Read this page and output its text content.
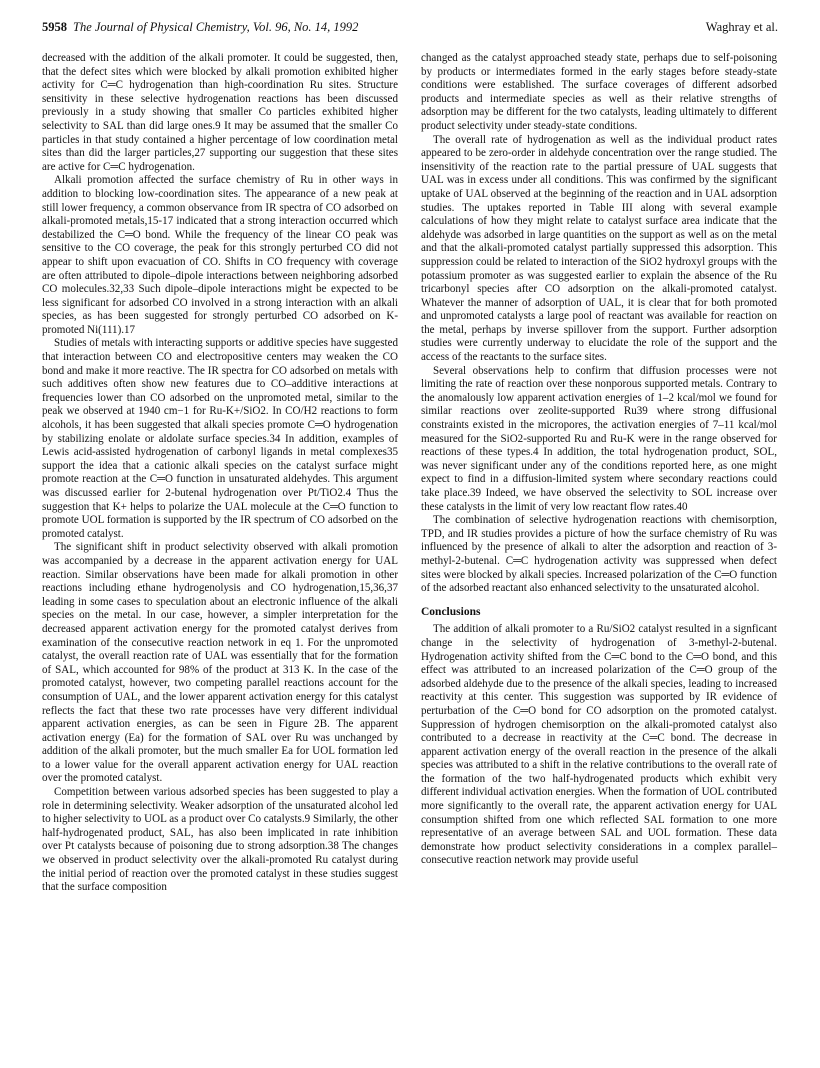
5958 The Journal of Physical Chemistry, Vol. 96, No. 14, 1992	Waghray et al.

decreased with the addition of the alkali promoter. It could be suggested, then, that the defect sites which were blocked by alkali promotion exhibited higher activity for C═C hydrogenation than high-coordination Ru sites. Structure sensitivity in these selective hydrogenation reactions has been discussed previously in a study showing that smaller Co particles exhibited higher selectivity to SAL than did large ones.9 It may be assumed that the smaller Co particles in that study contained a higher percentage of low coordination metal sites than did the larger particles,27 supporting our suggestion that these sites are active for C═C hydrogenation.

Alkali promotion affected the surface chemistry of Ru in other ways in addition to blocking low-coordination sites. The appearance of a new peak at still lower frequency, a common observance from IR spectra of CO adsorbed on alkali-promoted metals,15-17 indicated that a strong interaction occurred which destabilized the C═O bond. While the frequency of the linear CO peak was sensitive to the CO coverage, the peak for this strongly perturbed CO did not appear to shift upon evacuation of CO. Shifts in CO frequency with coverage are often attributed to dipole–dipole interactions between neighboring adsorbed CO molecules.32,33 Such dipole–dipole interactions might be expected to be less significant for adsorbed CO involved in a strong interaction with an alkali species, as has been suggested for strongly perturbed CO adsorbed on K-promoted Ni(111).17

Studies of metals with interacting supports or additive species have suggested that interaction between CO and electropositive centers may weaken the CO bond and make it more reactive. The IR spectra for CO adsorbed on metals with such additives often show new features due to CO–additive interactions at frequencies lower than CO adsorbed on the unpromoted metal, similar to the peak we observed at 1940 cm−1 for Ru-K+/SiO2. In CO/H2 reactions to form alcohols, it has been suggested that alkali species promote C═O hydrogenation by stabilizing enolate or aldolate surface species.34 In addition, examples of Lewis acid-assisted hydrogenation of carbonyl ligands in metal complexes35 support the idea that a cationic alkali species on the catalyst surface might promote reaction at the C═O function in unsaturated aldehydes. This argument was discussed earlier for 2-butenal hydrogenation over Pt/TiO2.4 Thus the suggestion that K+ helps to polarize the UAL molecule at the C═O function to promote UOL formation is supported by the IR spectrum of CO adsorbed on the promoted catalyst.

The significant shift in product selectivity observed with alkali promotion was accompanied by a decrease in the apparent activation energy for UAL reaction. Similar observations have been made for alkali promotion in other reactions including ethane hydrogenolysis and CO hydrogenation,15,36,37 leading in some cases to speculation about an electronic influence of the alkali species on the metal. In our case, however, a simpler interpretation for the decreased apparent activation energy for the promoted catalyst derives from examination of the consecutive reaction network in eq 1. For the unpromoted catalyst, the overall reaction rate of UAL was essentially that for the formation of SAL, which accounted for 98% of the product at 313 K. In the case of the promoted catalyst, however, two competing parallel reactions account for the consumption of UAL, and the lower apparent activation energy for this catalyst reflects the fact that these two rate processes have very different individual apparent activation energies, as can be seen in Figure 2B. The apparent activation energy (Ea) for the formation of SAL over Ru was unchanged by addition of the alkali promoter, but the much smaller Ea for UOL formation led to a lower value for the overall apparent activation energy for UAL reaction over the promoted catalyst.

Competition between various adsorbed species has been suggested to play a role in determining selectivity. Weaker adsorption of the unsaturated alcohol led to higher selectivity to UOL as a product over Co catalysts.9 Similarly, the other half-hydrogenated product, SAL, has also been implicated in rate inhibition over Pt catalysts because of poisoning due to strong adsorption.38 The changes we observed in product selectivity over the alkali-promoted Ru catalyst during the initial period of reaction over the promoted catalyst in these studies suggest that the surface composition

changed as the catalyst approached steady state, perhaps due to self-poisoning by products or intermediates formed in the early stages before steady-state conditions were established. The surface coverages of different adsorbed products and intermediate species as well as their relative strengths of adsorption may be different for the two catalysts, leading ultimately to different product selectivity under steady-state conditions.

The overall rate of hydrogenation as well as the individual product rates appeared to be zero-order in aldehyde concentration over the range studied. The insensitivity of the reaction rate to the partial pressure of UAL suggests that UAL was in excess under all conditions. This was confirmed by the significant uptake of UAL observed at the beginning of the reaction and in UAL adsorption studies. The uptakes reported in Table III along with several example calculations of how they might relate to catalyst surface area indicate that the aldehyde was adsorbed in large quantities on the support as well as on the metal and that the alkali-promoted catalyst partially suppressed this adsorption. This suppression could be related to interaction of the SiO2 hydroxyl groups with the potassium promoter as was suggested earlier to explain the absence of the Ru tricarbonyl species after CO adsorption on the alkali-promoted catalyst. Whatever the manner of adsorption of UAL, it is clear that for both promoted and unpromoted catalysts a large pool of reactant was available for reaction on the metal, perhaps by inverse spillover from the support. Further adsorption studies were currently underway to elucidate the role of the support and the access of the reactants to the surface sites.

Several observations help to confirm that diffusion processes were not limiting the rate of reaction over these nonporous supported metals. Contrary to the anomalously low apparent activation energies of 1–2 kcal/mol we found for similar reactions over zeolite-supported Ru39 where strong diffusional constraints existed in the micropores, the activation energies of 7–11 kcal/mol measured for the SiO2-supported Ru and Ru-K were in the range observed for reactions of these types.4 In addition, the total hydrogenation product, SOL, was never significant under any of the conditions reported here, as one might expect to find in a diffusion-limited system where secondary reactions could take place.39 Indeed, we have observed the selectivity to SOL increase over these catalysts in the limit of very low reactant flow rates.40

The combination of selective hydrogenation reactions with chemisorption, TPD, and IR studies provides a picture of how the surface chemistry of Ru was influenced by the presence of alkali to alter the adsorption and reaction of 3-methyl-2-butenal. C═C hydrogenation activity was suppressed when defect sites were blocked by alkali species. Increased polarization of the C═O function of the adsorbed reactant also enhanced selectivity to the unsaturated alcohol.

Conclusions

The addition of alkali promoter to a Ru/SiO2 catalyst resulted in a signficant change in the selectivity of hydrogenation of 3-methyl-2-butenal. Hydrogenation activity shifted from the C═C bond to the C═O bond, and this effect was attributed to an increased polarization of the C═O group of the adsorbed aldehyde due to the presence of the alkali species, leading to increased reactivity at this center. This suggestion was supported by IR evidence of perturbation of the C═O bond for CO adsorption on the promoted catalyst. Suppression of hydrogen chemisorption on the alkali-promoted catalyst also contributed to a decrease in reactivity at the C═C bond. The decrease in apparent activation energy of the overall reaction in the presence of the alkali species was attributed to a shift in the relative contributions to the overall rate of the formation of the two half-hydrogenated products which exhibit very different individual activation energies. When the formation of UOL contributed more significantly to the overall rate, the apparent activation energy for UAL consumption shifted from one which reflected SAL formation to one more representative of an average between SAL and UOL formation. These data demonstrate how product selectivity considerations in a complex parallel–consecutive reaction network may provide useful
